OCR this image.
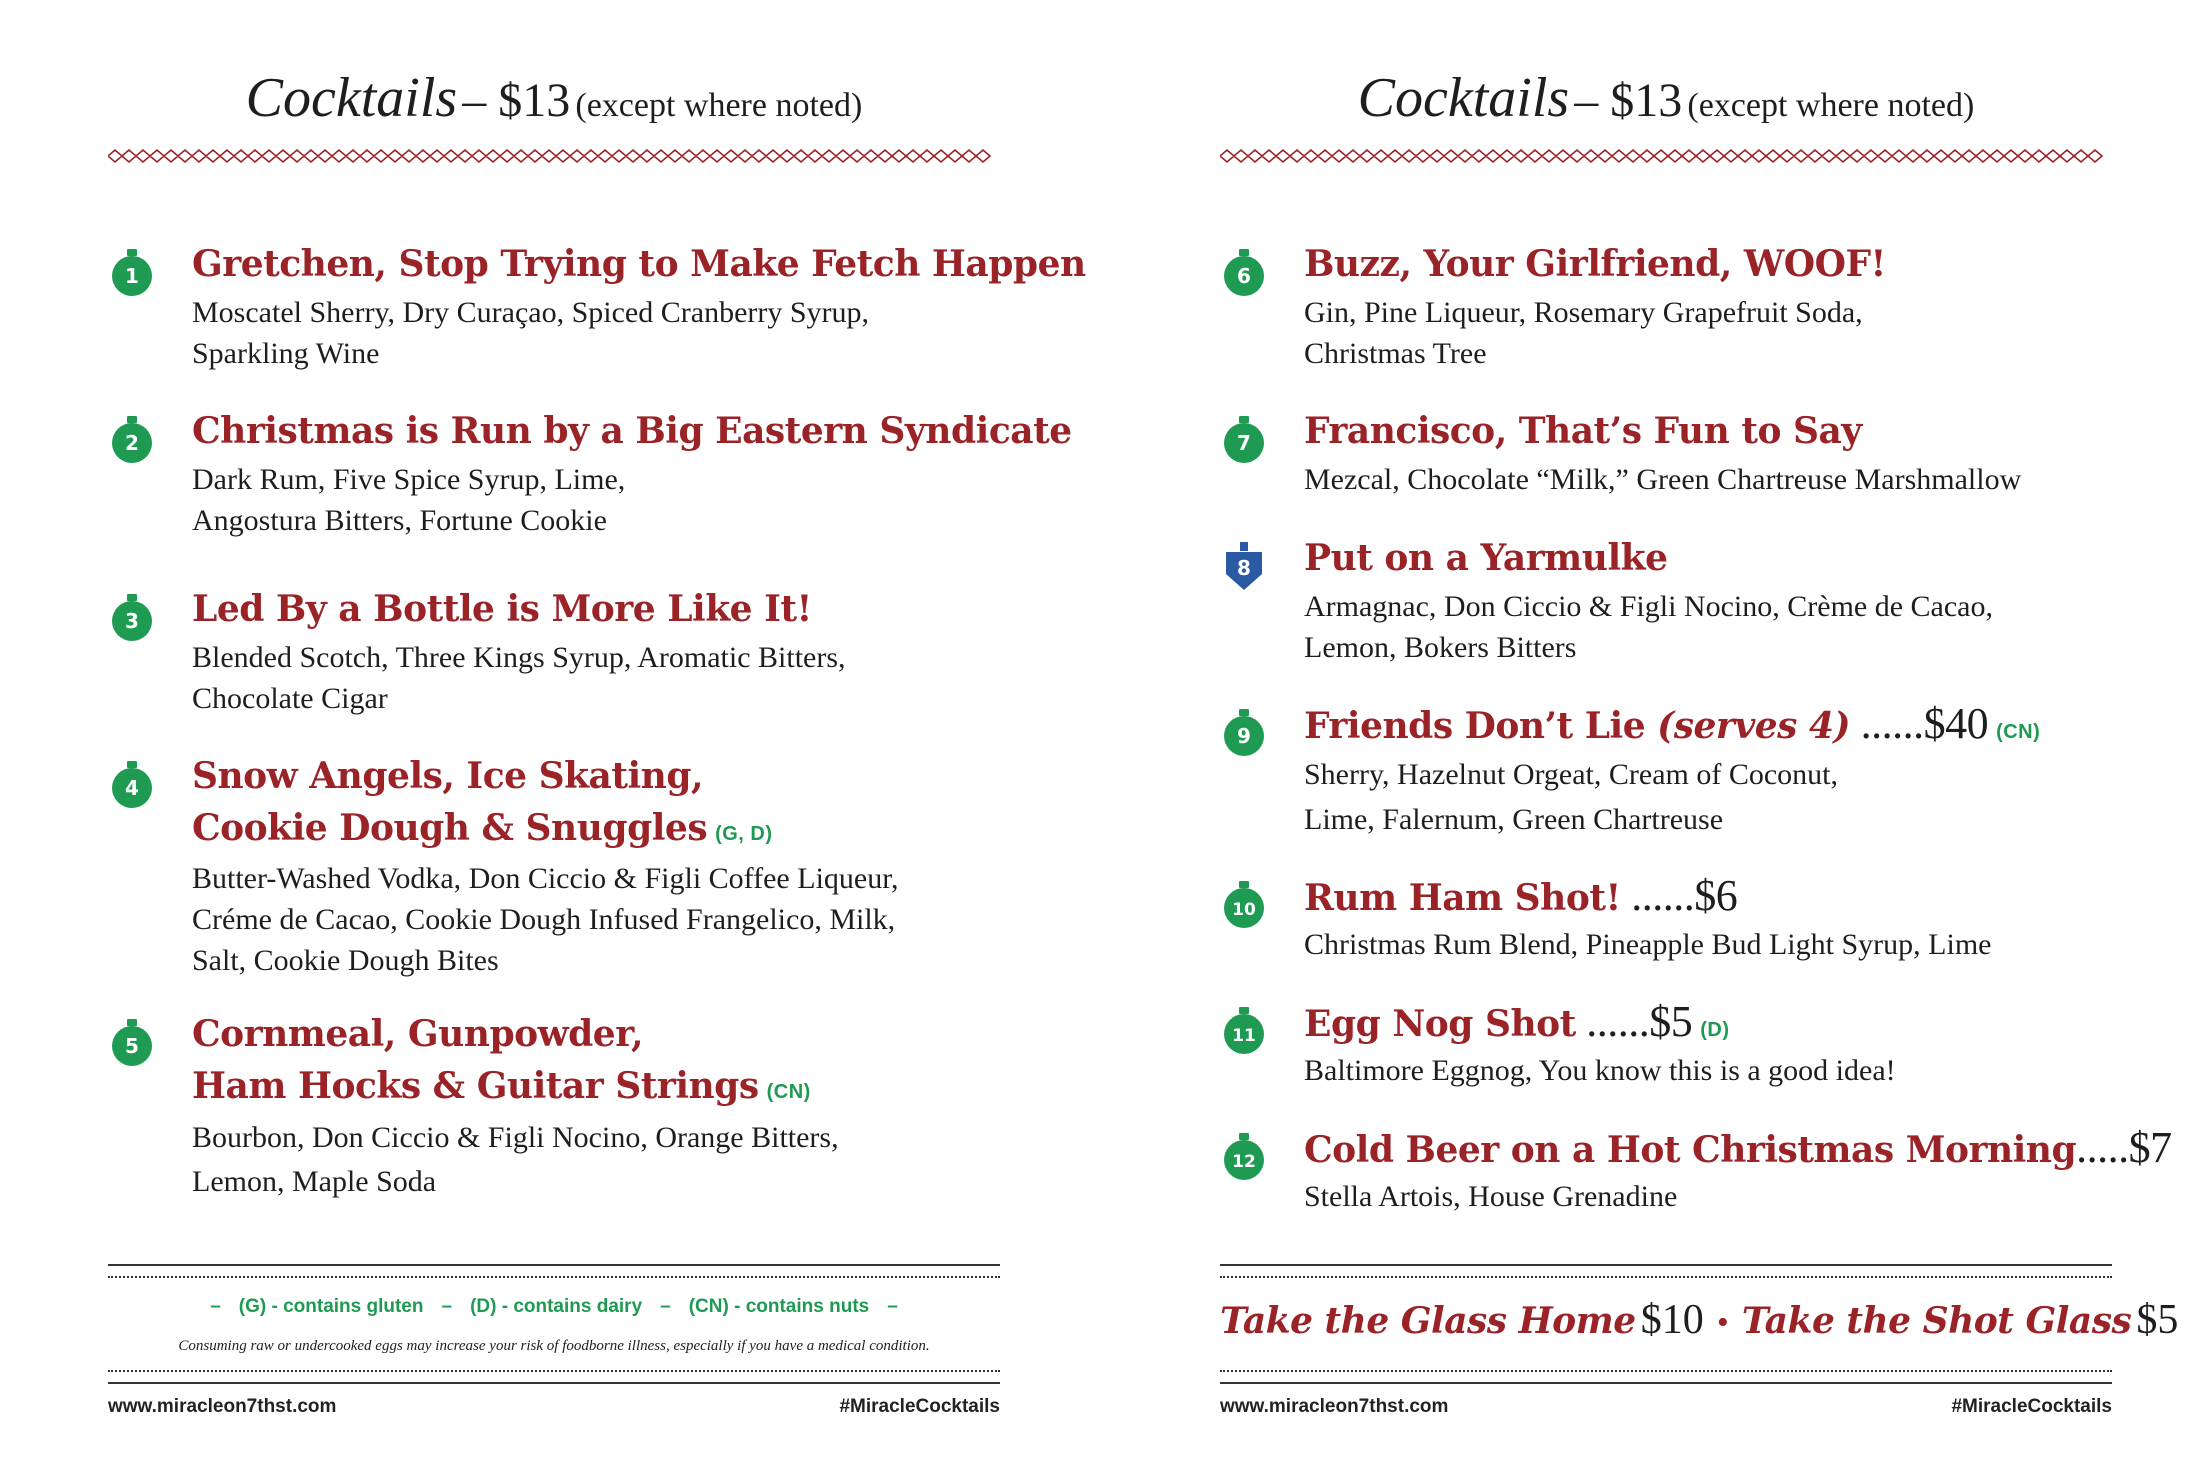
Cocktails – $13 (except where noted)
1 Gretchen, Stop Trying to Make Fetch Happen
Moscatel Sherry, Dry Curaçao, Spiced Cranberry Syrup,
Sparkling Wine
2 Christmas is Run by a Big Eastern Syndicate
Dark Rum, Five Spice Syrup, Lime,
Angostura Bitters, Fortune Cookie
3 Led By a Bottle is More Like It!
Blended Scotch, Three Kings Syrup, Aromatic Bitters,
Chocolate Cigar
4 Snow Angels, Ice Skating,
Cookie Dough & Snuggles (G, D)
Butter-Washed Vodka, Don Ciccio & Figli Coffee Liqueur,
Créme de Cacao, Cookie Dough Infused Frangelico, Milk,
Salt, Cookie Dough Bites
5 Cornmeal, Gunpowder,
Ham Hocks & Guitar Strings (CN)
Bourbon, Don Ciccio & Figli Nocino, Orange Bitters,
Lemon, Maple Soda
– (G) - contains gluten – (D) - contains dairy – (CN) - contains nuts –
Consuming raw or undercooked eggs may increase your risk of foodborne illness, especially if you have a medical condition.
www.miracleon7thst.com	#MiracleCocktails
Cocktails – $13 (except where noted)
6 Buzz, Your Girlfriend, WOOF!
Gin, Pine Liqueur, Rosemary Grapefruit Soda,
Christmas Tree
7 Francisco, That’s Fun to Say
Mezcal, Chocolate “Milk,” Green Chartreuse Marshmallow
8 Put on a Yarmulke
Armagnac, Don Ciccio & Figli Nocino, Crème de Cacao,
Lemon, Bokers Bitters
9 Friends Don’t Lie (serves 4) ......$40 (CN)
Sherry, Hazelnut Orgeat, Cream of Coconut,
Lime, Falernum, Green Chartreuse
10 Rum Ham Shot! ......$6
Christmas Rum Blend, Pineapple Bud Light Syrup, Lime
11 Egg Nog Shot ......$5 (D)
Baltimore Eggnog, You know this is a good idea!
12 Cold Beer on a Hot Christmas Morning.....$7
Stella Artois, House Grenadine
Take the Glass Home $10 • Take the Shot Glass $5
www.miracleon7thst.com	#MiracleCocktails
